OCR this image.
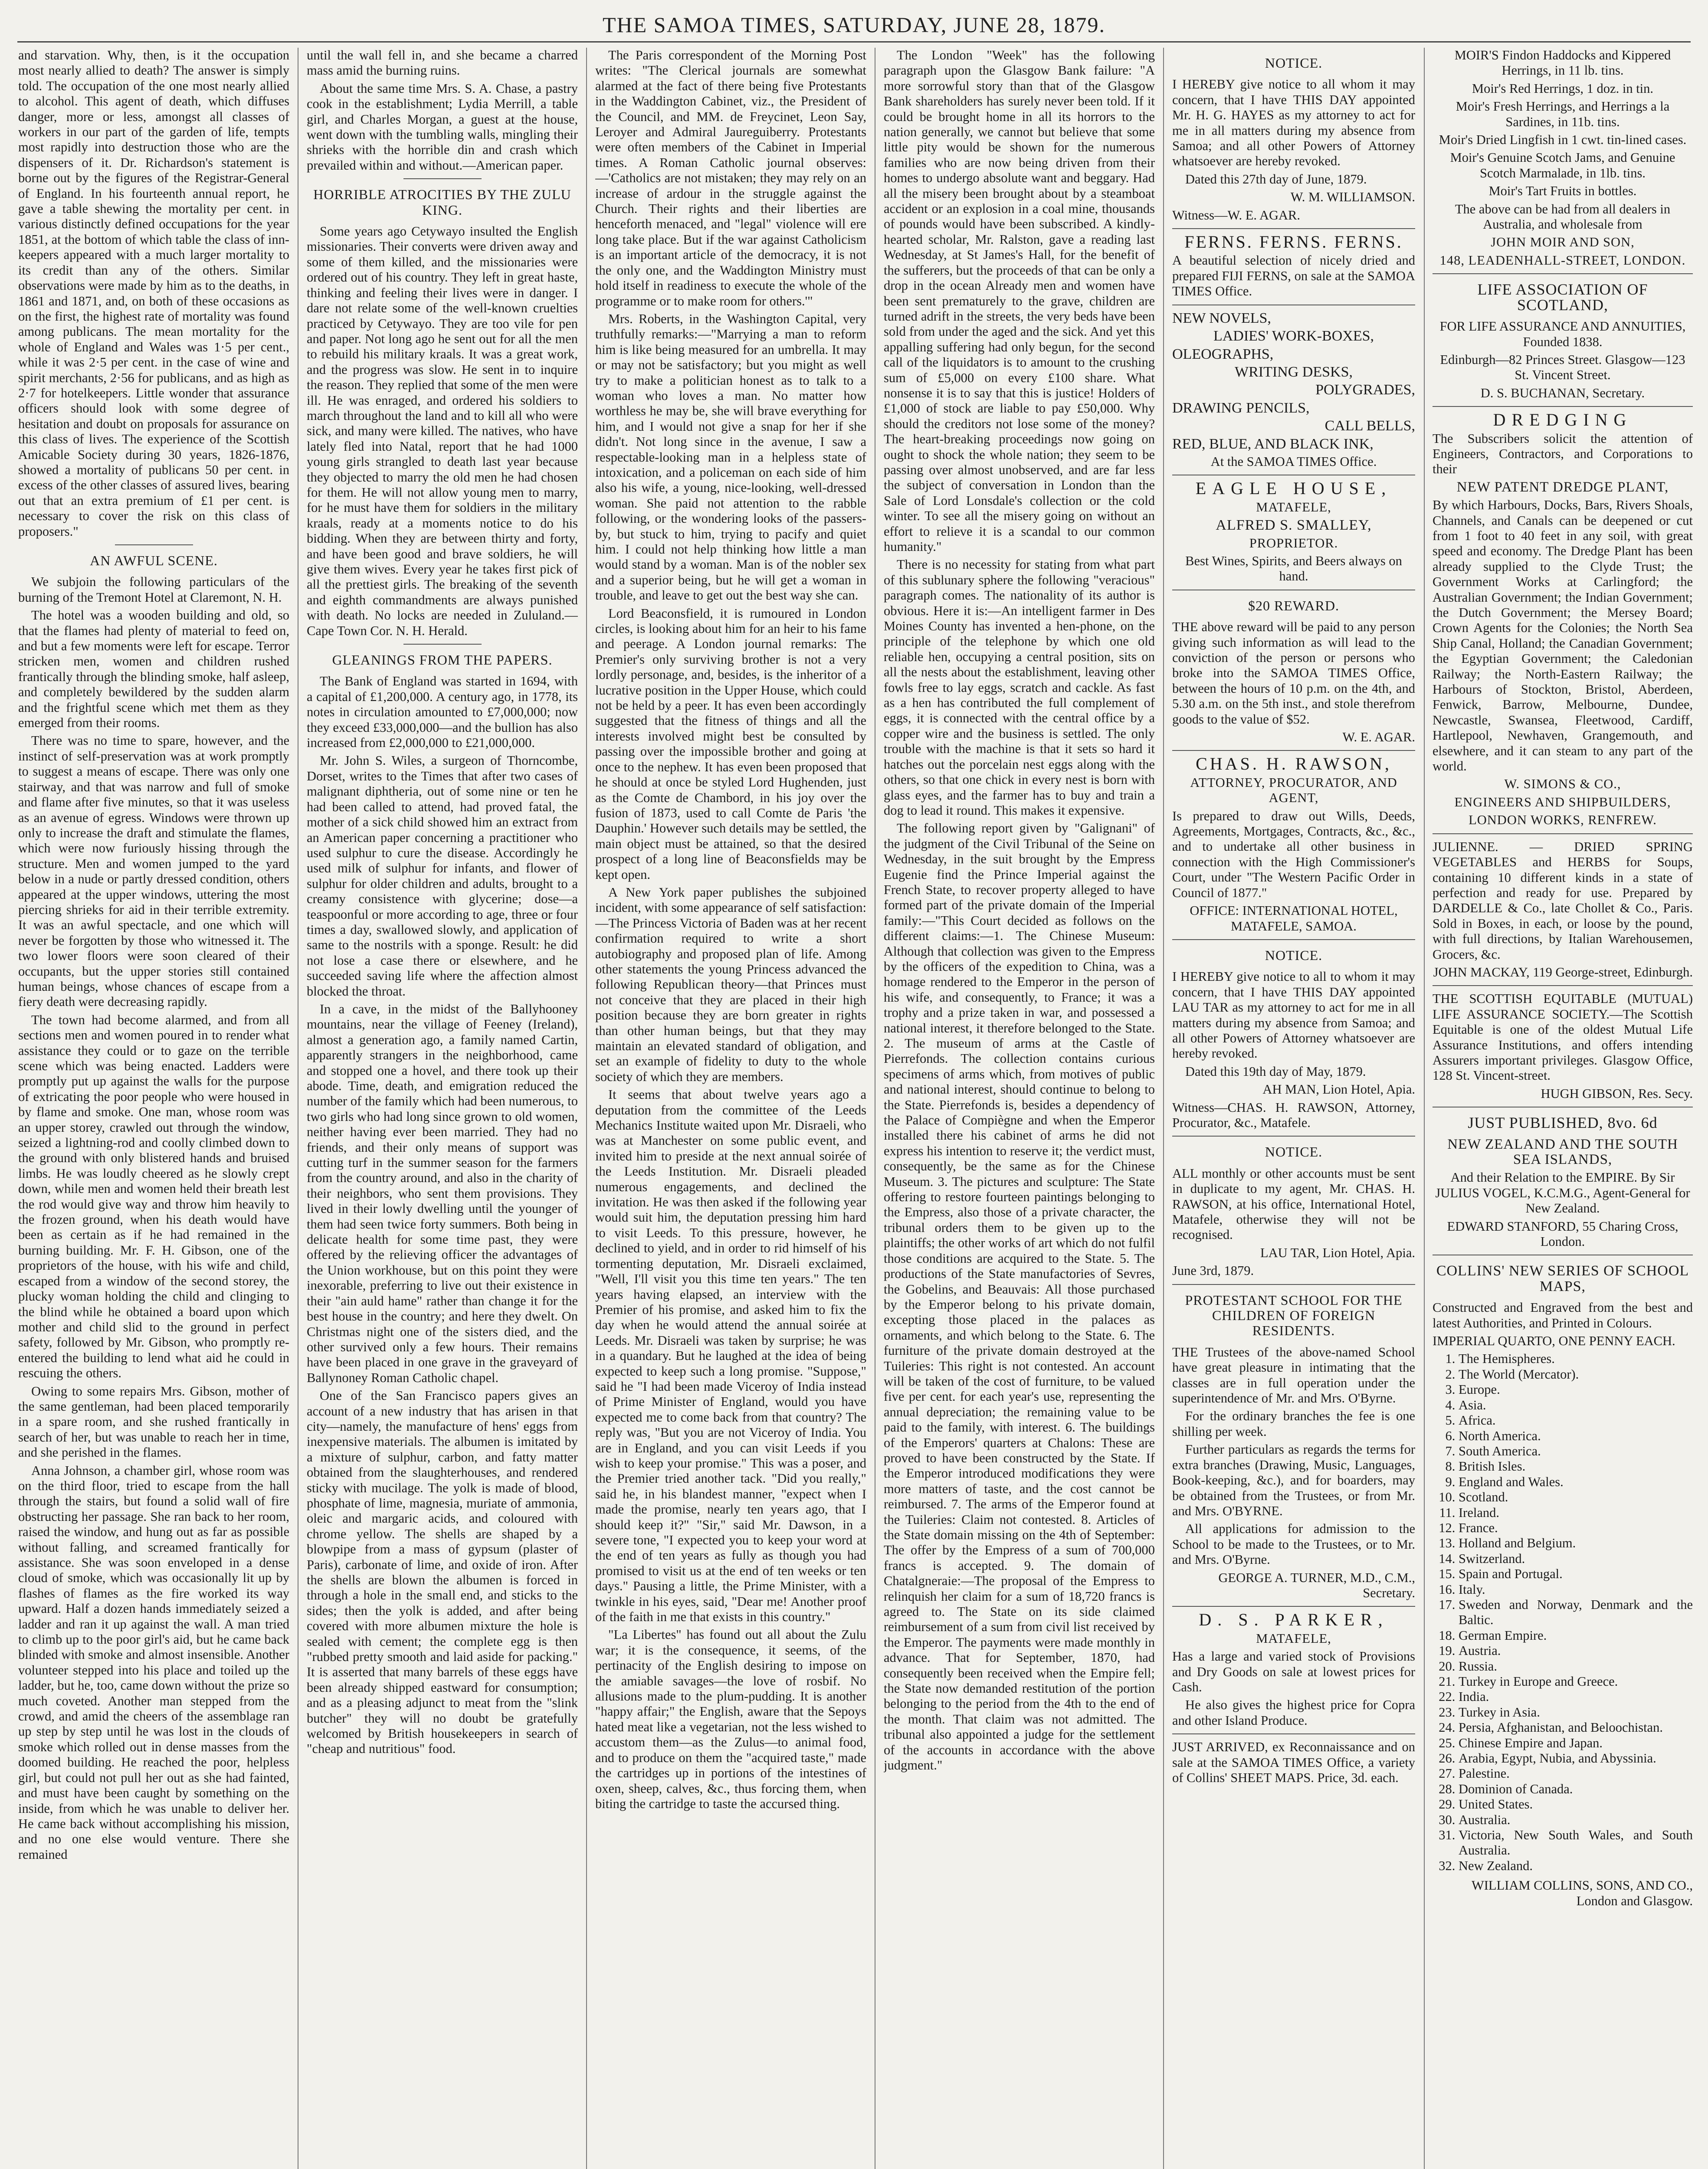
THE SAMOA TIMES, SATURDAY, JUNE 28, 1879.

and starvation. Why, then, is it the occupation most nearly allied to death? The answer is simply told. The occupation of the one most nearly allied to alcohol. This agent of death, which diffuses danger, more or less, amongst all classes of workers in our part of the garden of life, tempts most rapidly into destruction those who are the dispensers of it. Dr. Richardson's statement is borne out by the figures of the Registrar-General of England. In his fourteenth annual report, he gave a table shewing the mortality per cent. in various distinctly defined occupations for the year 1851, at the bottom of which table the class of inn-keepers appeared with a much larger mortality to its credit than any of the others. Similar observations were made by him as to the deaths, in 1861 and 1871, and, on both of these occasions as on the first, the highest rate of mortality was found among publicans. The mean mortality for the whole of England and Wales was 1·5 per cent., while it was 2·5 per cent. in the case of wine and spirit merchants, 2·56 for publicans, and as high as 2·7 for hotelkeepers. Little wonder that assurance officers should look with some degree of hesitation and doubt on proposals for assurance on this class of lives. The experience of the Scottish Amicable Society during 30 years, 1826-1876, showed a mortality of publicans 50 per cent. in excess of the other classes of assured lives, bearing out that an extra premium of £1 per cent. is necessary to cover the risk on this class of proposers."

AN AWFUL SCENE.

We subjoin the following particulars of the burning of the Tremont Hotel at Claremont, N. H.

The hotel was a wooden building and old, so that the flames had plenty of material to feed on, and but a few moments were left for escape. Terror stricken men, women and children rushed frantically through the blinding smoke, half asleep, and completely bewildered by the sudden alarm and the frightful scene which met them as they emerged from their rooms.

There was no time to spare, however, and the instinct of self-preservation was at work promptly to suggest a means of escape. There was only one stairway, and that was narrow and full of smoke and flame after five minutes, so that it was useless as an avenue of egress. Windows were thrown up only to increase the draft and stimulate the flames, which were now furiously hissing through the structure. Men and women jumped to the yard below in a nude or partly dressed condition, others appeared at the upper windows, uttering the most piercing shrieks for aid in their terrible extremity. It was an awful spectacle, and one which will never be forgotten by those who witnessed it. The two lower floors were soon cleared of their occupants, but the upper stories still contained human beings, whose chances of escape from a fiery death were decreasing rapidly.

The town had become alarmed, and from all sections men and women poured in to render what assistance they could or to gaze on the terrible scene which was being enacted. Ladders were promptly put up against the walls for the purpose of extricating the poor people who were housed in by flame and smoke. One man, whose room was an upper storey, crawled out through the window, seized a lightning-rod and coolly climbed down to the ground with only blistered hands and bruised limbs. He was loudly cheered as he slowly crept down, while men and women held their breath lest the rod would give way and throw him heavily to the frozen ground, when his death would have been as certain as if he had remained in the burning building. Mr. F. H. Gibson, one of the proprietors of the house, with his wife and child, escaped from a window of the second storey, the plucky woman holding the child and clinging to the blind while he obtained a board upon which mother and child slid to the ground in perfect safety, followed by Mr. Gibson, who promptly re-entered the building to lend what aid he could in rescuing the others.

Owing to some repairs Mrs. Gibson, mother of the same gentleman, had been placed temporarily in a spare room, and she rushed frantically in search of her, but was unable to reach her in time, and she perished in the flames.

Anna Johnson, a chamber girl, whose room was on the third floor, tried to escape from the hall through the stairs, but found a solid wall of fire obstructing her passage. She ran back to her room, raised the window, and hung out as far as possible without falling, and screamed frantically for assistance. She was soon enveloped in a dense cloud of smoke, which was occasionally lit up by flashes of flames as the fire worked its way upward. Half a dozen hands immediately seized a ladder and ran it up against the wall. A man tried to climb up to the poor girl's aid, but he came back blinded with smoke and almost insensible. Another volunteer stepped into his place and toiled up the ladder, but he, too, came down without the prize so much coveted. Another man stepped from the crowd, and amid the cheers of the assemblage ran up step by step until he was lost in the clouds of smoke which rolled out in dense masses from the doomed building. He reached the poor, helpless girl, but could not pull her out as she had fainted, and must have been caught by something on the inside, from which he was unable to deliver her. He came back without accomplishing his mission, and no one else would venture. There she remained

until the wall fell in, and she became a charred mass amid the burning ruins.

About the same time Mrs. S. A. Chase, a pastry cook in the establishment; Lydia Merrill, a table girl, and Charles Morgan, a guest at the house, went down with the tumbling walls, mingling their shrieks with the horrible din and crash which prevailed within and without.—American paper.

HORRIBLE ATROCITIES BY THE ZULU KING.

Some years ago Cetywayo insulted the English missionaries. Their converts were driven away and some of them killed, and the missionaries were ordered out of his country. They left in great haste, thinking and feeling their lives were in danger. I dare not relate some of the well-known cruelties practiced by Cetywayo. They are too vile for pen and paper. Not long ago he sent out for all the men to rebuild his military kraals. It was a great work, and the progress was slow. He sent in to inquire the reason. They replied that some of the men were ill. He was enraged, and ordered his soldiers to march throughout the land and to kill all who were sick, and many were killed. The natives, who have lately fled into Natal, report that he had 1000 young girls strangled to death last year because they objected to marry the old men he had chosen for them. He will not allow young men to marry, for he must have them for soldiers in the military kraals, ready at a moments notice to do his bidding. When they are between thirty and forty, and have been good and brave soldiers, he will give them wives. Every year he takes first pick of all the prettiest girls. The breaking of the seventh and eighth commandments are always punished with death. No locks are needed in Zululand.—Cape Town Cor. N. H. Herald.

GLEANINGS FROM THE PAPERS.

The Bank of England was started in 1694, with a capital of £1,200,000. A century ago, in 1778, its notes in circulation amounted to £7,000,000; now they exceed £33,000,000—and the bullion has also increased from £2,000,000 to £21,000,000.

Mr. John S. Wiles, a surgeon of Thorncombe, Dorset, writes to the Times that after two cases of malignant diphtheria, out of some nine or ten he had been called to attend, had proved fatal, the mother of a sick child showed him an extract from an American paper concerning a practitioner who used sulphur to cure the disease. Accordingly he used milk of sulphur for infants, and flower of sulphur for older children and adults, brought to a creamy consistence with glycerine; dose—a teaspoonful or more according to age, three or four times a day, swallowed slowly, and application of same to the nostrils with a sponge. Result: he did not lose a case there or elsewhere, and he succeeded saving life where the affection almost blocked the throat.

In a cave, in the midst of the Ballyhooney mountains, near the village of Feeney (Ireland), almost a generation ago, a family named Cartin, apparently strangers in the neighborhood, came and stopped one a hovel, and there took up their abode. Time, death, and emigration reduced the number of the family which had been numerous, to two girls who had long since grown to old women, neither having ever been married. They had no friends, and their only means of support was cutting turf in the summer season for the farmers from the country around, and also in the charity of their neighbors, who sent them provisions. They lived in their lowly dwelling until the younger of them had seen twice forty summers. Both being in delicate health for some time past, they were offered by the relieving officer the advantages of the Union workhouse, but on this point they were inexorable, preferring to live out their existence in their "ain auld hame" rather than change it for the best house in the country; and here they dwelt. On Christmas night one of the sisters died, and the other survived only a few hours. Their remains have been placed in one grave in the graveyard of Ballynoney Roman Catholic chapel.

One of the San Francisco papers gives an account of a new industry that has arisen in that city—namely, the manufacture of hens' eggs from inexpensive materials. The albumen is imitated by a mixture of sulphur, carbon, and fatty matter obtained from the slaughterhouses, and rendered sticky with mucilage. The yolk is made of blood, phosphate of lime, magnesia, muriate of ammonia, oleic and margaric acids, and coloured with chrome yellow. The shells are shaped by a blowpipe from a mass of gypsum (plaster of Paris), carbonate of lime, and oxide of iron. After the shells are blown the albumen is forced in through a hole in the small end, and sticks to the sides; then the yolk is added, and after being covered with more albumen mixture the hole is sealed with cement; the complete egg is then "rubbed pretty smooth and laid aside for packing." It is asserted that many barrels of these eggs have been already shipped eastward for consumption; and as a pleasing adjunct to meat from the "slink butcher" they will no doubt be gratefully welcomed by British housekeepers in search of "cheap and nutritious" food.

The Paris correspondent of the Morning Post writes: "The Clerical journals are somewhat alarmed at the fact of there being five Protestants in the Waddington Cabinet, viz., the President of the Council, and MM. de Freycinet, Leon Say, Leroyer and Admiral Jaureguiberry. Protestants were often members of the Cabinet in Imperial times. A Roman Catholic journal observes:—'Catholics are not mistaken; they may rely on an increase of ardour in the struggle against the Church. Their rights and their liberties are henceforth menaced, and "legal" violence will ere long take place. But if the war against Catholicism is an important article of the democracy, it is not the only one, and the Waddington Ministry must hold itself in readiness to execute the whole of the programme or to make room for others.'"

Mrs. Roberts, in the Washington Capital, very truthfully remarks:—"Marrying a man to reform him is like being measured for an umbrella. It may or may not be satisfactory; but you might as well try to make a politician honest as to talk to a woman who loves a man. No matter how worthless he may be, she will brave everything for him, and I would not give a snap for her if she didn't. Not long since in the avenue, I saw a respectable-looking man in a helpless state of intoxication, and a policeman on each side of him also his wife, a young, nice-looking, well-dressed woman. She paid not attention to the rabble following, or the wondering looks of the passers-by, but stuck to him, trying to pacify and quiet him. I could not help thinking how little a man would stand by a woman. Man is of the nobler sex and a superior being, but he will get a woman in trouble, and leave to get out the best way she can.

Lord Beaconsfield, it is rumoured in London circles, is looking about him for an heir to his fame and peerage. A London journal remarks: The Premier's only surviving brother is not a very lordly personage, and, besides, is the inheritor of a lucrative position in the Upper House, which could not be held by a peer. It has even been accordingly suggested that the fitness of things and all the interests involved might best be consulted by passing over the impossible brother and going at once to the nephew. It has even been proposed that he should at once be styled Lord Hughenden, just as the Comte de Chambord, in his joy over the fusion of 1873, used to call Comte de Paris 'the Dauphin.' However such details may be settled, the main object must be attained, so that the desired prospect of a long line of Beaconsfields may be kept open.

A New York paper publishes the subjoined incident, with some appearance of self satisfaction:—The Princess Victoria of Baden was at her recent confirmation required to write a short autobiography and proposed plan of life. Among other statements the young Princess advanced the following Republican theory—that Princes must not conceive that they are placed in their high position because they are born greater in rights than other human beings, but that they may maintain an elevated standard of obligation, and set an example of fidelity to duty to the whole society of which they are members.

It seems that about twelve years ago a deputation from the committee of the Leeds Mechanics Institute waited upon Mr. Disraeli, who was at Manchester on some public event, and invited him to preside at the next annual soirée of the Leeds Institution. Mr. Disraeli pleaded numerous engagements, and declined the invitation. He was then asked if the following year would suit him, the deputation pressing him hard to visit Leeds. To this pressure, however, he declined to yield, and in order to rid himself of his tormenting deputation, Mr. Disraeli exclaimed, "Well, I'll visit you this time ten years." The ten years having elapsed, an interview with the Premier of his promise, and asked him to fix the day when he would attend the annual soirée at Leeds. Mr. Disraeli was taken by surprise; he was in a quandary. But he laughed at the idea of being expected to keep such a long promise. "Suppose," said he "I had been made Viceroy of India instead of Prime Minister of England, would you have expected me to come back from that country? The reply was, "But you are not Viceroy of India. You are in England, and you can visit Leeds if you wish to keep your promise." This was a poser, and the Premier tried another tack. "Did you really," said he, in his blandest manner, "expect when I made the promise, nearly ten years ago, that I should keep it?" "Sir," said Mr. Dawson, in a severe tone, "I expected you to keep your word at the end of ten years as fully as though you had promised to visit us at the end of ten weeks or ten days." Pausing a little, the Prime Minister, with a twinkle in his eyes, said, "Dear me! Another proof of the faith in me that exists in this country."

"La Libertes" has found out all about the Zulu war; it is the consequence, it seems, of the pertinacity of the English desiring to impose on the amiable savages—the love of rosbif. No allusions made to the plum-pudding. It is another "happy affair;" the English, aware that the Sepoys hated meat like a vegetarian, not the less wished to accustom them—as the Zulus—to animal food, and to produce on them the "acquired taste," made the cartridges up in portions of the intestines of oxen, sheep, calves, &c., thus forcing them, when biting the cartridge to taste the accursed thing.

The London "Week" has the following paragraph upon the Glasgow Bank failure: "A more sorrowful story than that of the Glasgow Bank shareholders has surely never been told. If it could be brought home in all its horrors to the nation generally, we cannot but believe that some little pity would be shown for the numerous families who are now being driven from their homes to undergo absolute want and beggary. Had all the misery been brought about by a steamboat accident or an explosion in a coal mine, thousands of pounds would have been subscribed. A kindly-hearted scholar, Mr. Ralston, gave a reading last Wednesday, at St James's Hall, for the benefit of the sufferers, but the proceeds of that can be only a drop in the ocean Already men and women have been sent prematurely to the grave, children are turned adrift in the streets, the very beds have been sold from under the aged and the sick. And yet this appalling suffering had only begun, for the second call of the liquidators is to amount to the crushing sum of £5,000 on every £100 share. What nonsense it is to say that this is justice! Holders of £1,000 of stock are liable to pay £50,000. Why should the creditors not lose some of the money? The heart-breaking proceedings now going on ought to shock the whole nation; they seem to be passing over almost unobserved, and are far less the subject of conversation in London than the Sale of Lord Lonsdale's collection or the cold winter. To see all the misery going on without an effort to relieve it is a scandal to our common humanity."

There is no necessity for stating from what part of this sublunary sphere the following "veracious" paragraph comes. The nationality of its author is obvious. Here it is:—An intelligent farmer in Des Moines County has invented a hen-phone, on the principle of the telephone by which one old reliable hen, occupying a central position, sits on all the nests about the establishment, leaving other fowls free to lay eggs, scratch and cackle. As fast as a hen has contributed the full complement of eggs, it is connected with the central office by a copper wire and the business is settled. The only trouble with the machine is that it sets so hard it hatches out the porcelain nest eggs along with the others, so that one chick in every nest is born with glass eyes, and the farmer has to buy and train a dog to lead it round. This makes it expensive.

The following report given by "Galignani" of the judgment of the Civil Tribunal of the Seine on Wednesday, in the suit brought by the Empress Eugenie find the Prince Imperial against the French State, to recover property alleged to have formed part of the private domain of the Imperial family:—"This Court decided as follows on the different claims:—1. The Chinese Museum: Although that collection was given to the Empress by the officers of the expedition to China, was a homage rendered to the Emperor in the person of his wife, and consequently, to France; it was a trophy and a prize taken in war, and possessed a national interest, it therefore belonged to the State. 2. The museum of arms at the Castle of Pierrefonds. The collection contains curious specimens of arms which, from motives of public and national interest, should continue to belong to the State. Pierrefonds is, besides a dependency of the Palace of Compiègne and when the Emperor installed there his cabinet of arms he did not express his intention to reserve it; the verdict must, consequently, be the same as for the Chinese Museum. 3. The pictures and sculpture: The State offering to restore fourteen paintings belonging to the Empress, also those of a private character, the tribunal orders them to be given up to the plaintiffs; the other works of art which do not fulfil those conditions are acquired to the State. 5. The productions of the State manufactories of Sevres, the Gobelins, and Beauvais: All those purchased by the Emperor belong to his private domain, excepting those placed in the palaces as ornaments, and which belong to the State. 6. The furniture of the private domain destroyed at the Tuileries: This right is not contested. An account will be taken of the cost of furniture, to be valued five per cent. for each year's use, representing the annual depreciation; the remaining value to be paid to the family, with interest. 6. The buildings of the Emperors' quarters at Chalons: These are proved to have been constructed by the State. If the Emperor introduced modifications they were more matters of taste, and the cost cannot be reimbursed. 7. The arms of the Emperor found at the Tuileries: Claim not contested. 8. Articles of the State domain missing on the 4th of September: The offer by the Empress of a sum of 700,000 francs is accepted. 9. The domain of Chatalgneraie:—The proposal of the Empress to relinquish her claim for a sum of 18,720 francs is agreed to. The State on its side claimed reimbursement of a sum from civil list received by the Emperor. The payments were made monthly in advance. That for September, 1870, had consequently been received when the Empire fell; the State now demanded restitution of the portion belonging to the period from the 4th to the end of the month. That claim was not admitted. The tribunal also appointed a judge for the settlement of the accounts in accordance with the above judgment."

NOTICE.

I HEREBY give notice to all whom it may concern, that I have THIS DAY appointed Mr. H. G. HAYES as my attorney to act for me in all matters during my absence from Samoa; and all other Powers of Attorney whatsoever are hereby revoked.

Dated this 27th day of June, 1879.

W. M. WILLIAMSON.

Witness—W. E. AGAR.

FERNS. FERNS. FERNS.

A beautiful selection of nicely dried and prepared FIJI FERNS, on sale at the SAMOA TIMES Office.

NEW NOVELS,

LADIES' WORK-BOXES,

OLEOGRAPHS,

WRITING DESKS,

POLYGRADES,

DRAWING PENCILS,

CALL BELLS,

RED, BLUE, AND BLACK INK,

At the SAMOA TIMES Office.

EAGLE HOUSE,

MATAFELE,

ALFRED S. SMALLEY,

PROPRIETOR.

Best Wines, Spirits, and Beers always on hand.

$20 REWARD.

THE above reward will be paid to any person giving such information as will lead to the conviction of the person or persons who broke into the SAMOA TIMES Office, between the hours of 10 p.m. on the 4th, and 5.30 a.m. on the 5th inst., and stole therefrom goods to the value of $52.

W. E. AGAR.

CHAS. H. RAWSON,

ATTORNEY, PROCURATOR, AND AGENT,

Is prepared to draw out Wills, Deeds, Agreements, Mortgages, Contracts, &c., &c., and to undertake all other business in connection with the High Commissioner's Court, under "The Western Pacific Order in Council of 1877."

OFFICE: INTERNATIONAL HOTEL, MATAFELE, SAMOA.

NOTICE.

I HEREBY give notice to all to whom it may concern, that I have THIS DAY appointed LAU TAR as my attorney to act for me in all matters during my absence from Samoa; and all other Powers of Attorney whatsoever are hereby revoked.

Dated this 19th day of May, 1879.

AH MAN, Lion Hotel, Apia.

Witness—CHAS. H. RAWSON, Attorney, Procurator, &c., Matafele.

NOTICE.

ALL monthly or other accounts must be sent in duplicate to my agent, Mr. CHAS. H. RAWSON, at his office, International Hotel, Matafele, otherwise they will not be recognised.

LAU TAR, Lion Hotel, Apia.

June 3rd, 1879.

PROTESTANT SCHOOL FOR THE CHILDREN OF FOREIGN RESIDENTS.

THE Trustees of the above-named School have great pleasure in intimating that the classes are in full operation under the superintendence of Mr. and Mrs. O'Byrne.

For the ordinary branches the fee is one shilling per week.

Further particulars as regards the terms for extra branches (Drawing, Music, Languages, Book-keeping, &c.), and for boarders, may be obtained from the Trustees, or from Mr. and Mrs. O'BYRNE.

All applications for admission to the School to be made to the Trustees, or to Mr. and Mrs. O'Byrne.

GEORGE A. TURNER, M.D., C.M., Secretary.

D. S. PARKER,

MATAFELE,

Has a large and varied stock of Provisions and Dry Goods on sale at lowest prices for Cash.

He also gives the highest price for Copra and other Island Produce.

JUST ARRIVED, ex Reconnaissance and on sale at the SAMOA TIMES Office, a variety of Collins' SHEET MAPS. Price, 3d. each.

MOIR'S Findon Haddocks and Kippered Herrings, in 11 lb. tins.

Moir's Red Herrings, 1 doz. in tin.

Moir's Fresh Herrings, and Herrings a la Sardines, in 11b. tins.

Moir's Dried Lingfish in 1 cwt. tin-lined cases.

Moir's Genuine Scotch Jams, and Genuine Scotch Marmalade, in 1lb. tins.

Moir's Tart Fruits in bottles.

The above can be had from all dealers in Australia, and wholesale from

JOHN MOIR AND SON,

148, LEADENHALL-STREET, LONDON.

LIFE ASSOCIATION OF SCOTLAND,

FOR LIFE ASSURANCE AND ANNUITIES, Founded 1838.

Edinburgh—82 Princes Street. Glasgow—123 St. Vincent Street.

D. S. BUCHANAN, Secretary.

DREDGING

The Subscribers solicit the attention of Engineers, Contractors, and Corporations to their

NEW PATENT DREDGE PLANT,

By which Harbours, Docks, Bars, Rivers Shoals, Channels, and Canals can be deepened or cut from 1 foot to 40 feet in any soil, with great speed and economy. The Dredge Plant has been already supplied to the Clyde Trust; the Government Works at Carlingford; the Australian Government; the Indian Government; the Dutch Government; the Mersey Board; Crown Agents for the Colonies; the North Sea Ship Canal, Holland; the Canadian Government; the Egyptian Government; the Caledonian Railway; the North-Eastern Railway; the Harbours of Stockton, Bristol, Aberdeen, Fenwick, Barrow, Melbourne, Dundee, Newcastle, Swansea, Fleetwood, Cardiff, Hartlepool, Newhaven, Grangemouth, and elsewhere, and it can steam to any part of the world.

W. SIMONS & CO.,

ENGINEERS AND SHIPBUILDERS,

LONDON WORKS, RENFREW.

JULIENNE. — DRIED SPRING VEGETABLES and HERBS for Soups, containing 10 different kinds in a state of perfection and ready for use. Prepared by DARDELLE & Co., late Chollet & Co., Paris. Sold in Boxes, in each, or loose by the pound, with full directions, by Italian Warehousemen, Grocers, &c.

JOHN MACKAY, 119 George-street, Edinburgh.

THE SCOTTISH EQUITABLE (MUTUAL) LIFE ASSURANCE SOCIETY.—The Scottish Equitable is one of the oldest Mutual Life Assurance Institutions, and offers intending Assurers important privileges. Glasgow Office, 128 St. Vincent-street.

HUGH GIBSON, Res. Secy.

JUST PUBLISHED, 8vo. 6d

NEW ZEALAND AND THE SOUTH SEA ISLANDS,

And their Relation to the EMPIRE. By Sir JULIUS VOGEL, K.C.M.G., Agent-General for New Zealand.

EDWARD STANFORD, 55 Charing Cross, London.

COLLINS' NEW SERIES OF SCHOOL MAPS,

Constructed and Engraved from the best and latest Authorities, and Printed in Colours.

IMPERIAL QUARTO, ONE PENNY EACH.

1. The Hemispheres.
2. The World (Mercator).
3. Europe.
4. Asia.
5. Africa.
6. North America.
7. South America.
8. British Isles.
9. England and Wales.
10. Scotland.
11. Ireland.
12. France.
13. Holland and Belgium.
14. Switzerland.
15. Spain and Portugal.
16. Italy.
17. Sweden and Norway, Denmark and the Baltic.
18. German Empire.
19. Austria.
20. Russia.
21. Turkey in Europe and Greece.
22. India.
23. Turkey in Asia.
24. Persia, Afghanistan, and Beloochistan.
25. Chinese Empire and Japan.
26. Arabia, Egypt, Nubia, and Abyssinia.
27. Palestine.
28. Dominion of Canada.
29. United States.
30. Australia.
31. Victoria, New South Wales, and South Australia.
32. New Zealand.

WILLIAM COLLINS, SONS, AND CO., London and Glasgow.
